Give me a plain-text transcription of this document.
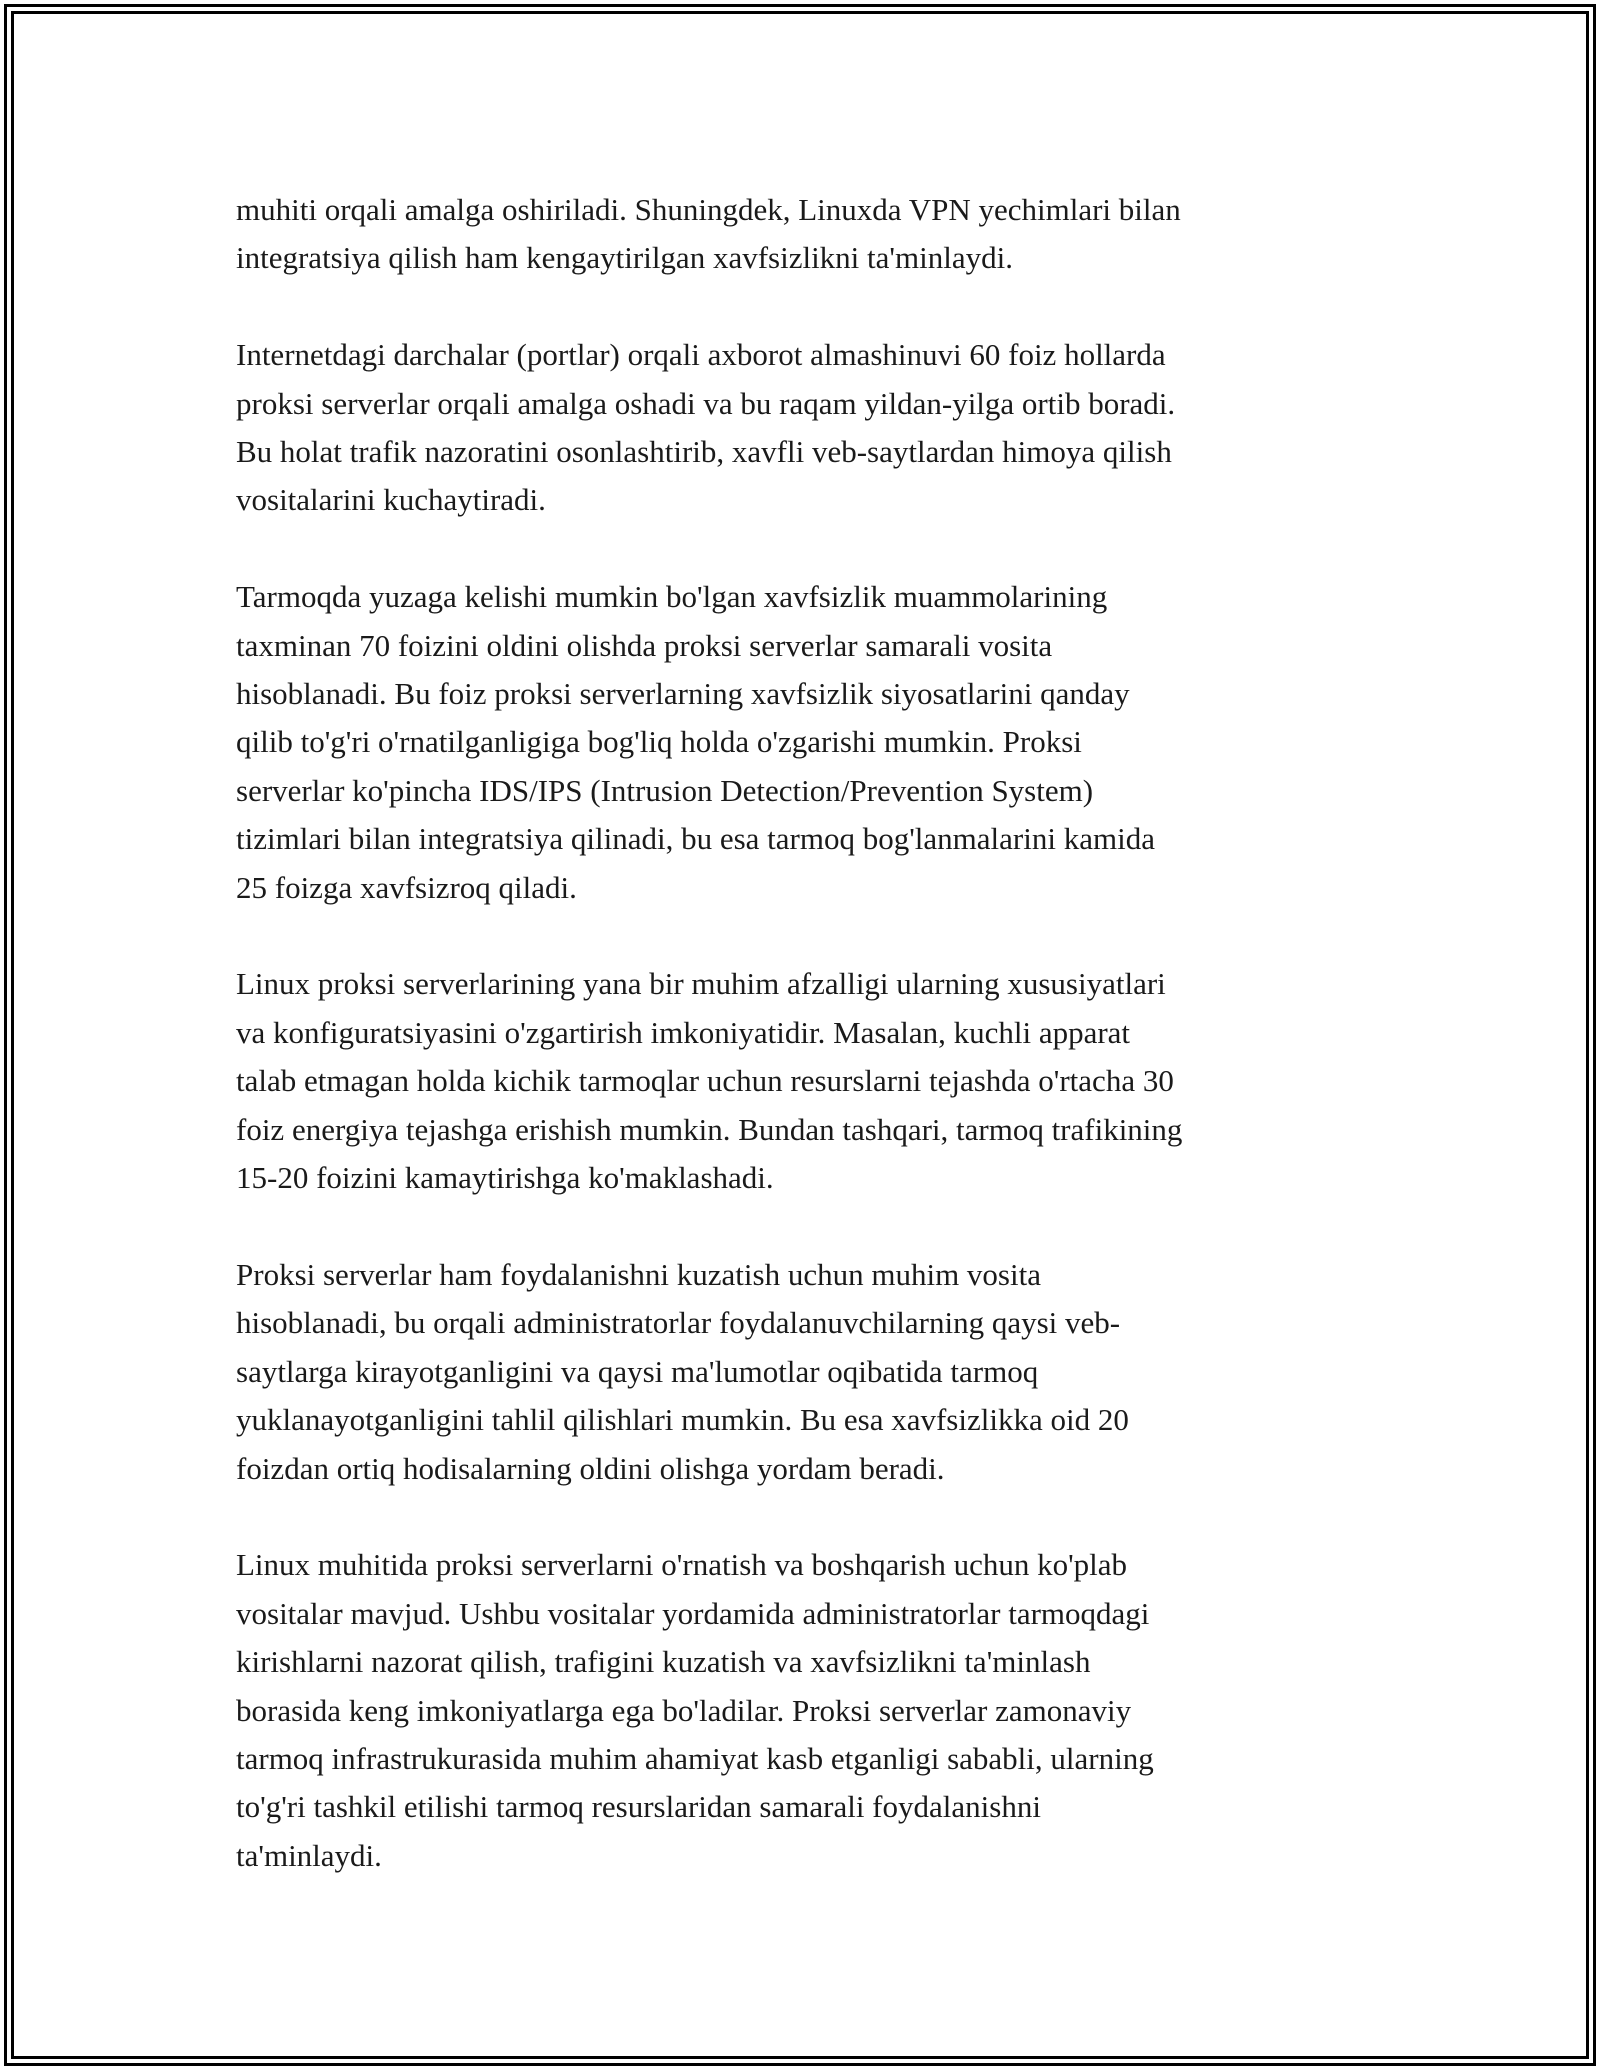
muhiti orqali amalga oshiriladi. Shuningdek, Linuxda VPN yechimlari bilan
integratsiya qilish ham kengaytirilgan xavfsizlikni ta'minlaydi.

Internetdagi darchalar (portlar) orqali axborot almashinuvi 60 foiz hollarda
proksi serverlar orqali amalga oshadi va bu raqam yildan-yilga ortib boradi.
Bu holat trafik nazoratini osonlashtirib, xavfli veb-saytlardan himoya qilish
vositalarini kuchaytiradi.

Tarmoqda yuzaga kelishi mumkin bo'lgan xavfsizlik muammolarining
taxminan 70 foizini oldini olishda proksi serverlar samarali vosita
hisoblanadi. Bu foiz proksi serverlarning xavfsizlik siyosatlarini qanday
qilib to'g'ri o'rnatilganligiga bog'liq holda o'zgarishi mumkin. Proksi
serverlar ko'pincha IDS/IPS (Intrusion Detection/Prevention System)
tizimlari bilan integratsiya qilinadi, bu esa tarmoq bog'lanmalarini kamida
25 foizga xavfsizroq qiladi.

Linux proksi serverlarining yana bir muhim afzalligi ularning xususiyatlari
va konfiguratsiyasini o'zgartirish imkoniyatidir. Masalan, kuchli apparat
talab etmagan holda kichik tarmoqlar uchun resurslarni tejashda o'rtacha 30
foiz energiya tejashga erishish mumkin. Bundan tashqari, tarmoq trafikining
15-20 foizini kamaytirishga ko'maklashadi.

Proksi serverlar ham foydalanishni kuzatish uchun muhim vosita
hisoblanadi, bu orqali administratorlar foydalanuvchilarning qaysi veb-
saytlarga kirayotganligini va qaysi ma'lumotlar oqibatida tarmoq
yuklanayotganligini tahlil qilishlari mumkin. Bu esa xavfsizlikka oid 20
foizdan ortiq hodisalarning oldini olishga yordam beradi.

Linux muhitida proksi serverlarni o'rnatish va boshqarish uchun ko'plab
vositalar mavjud. Ushbu vositalar yordamida administratorlar tarmoqdagi
kirishlarni nazorat qilish, trafigini kuzatish va xavfsizlikni ta'minlash
borasida keng imkoniyatlarga ega bo'ladilar. Proksi serverlar zamonaviy
tarmoq infrastrukurasida muhim ahamiyat kasb etganligi sababli, ularning
to'g'ri tashkil etilishi tarmoq resurslaridan samarali foydalanishni
ta'minlaydi.
